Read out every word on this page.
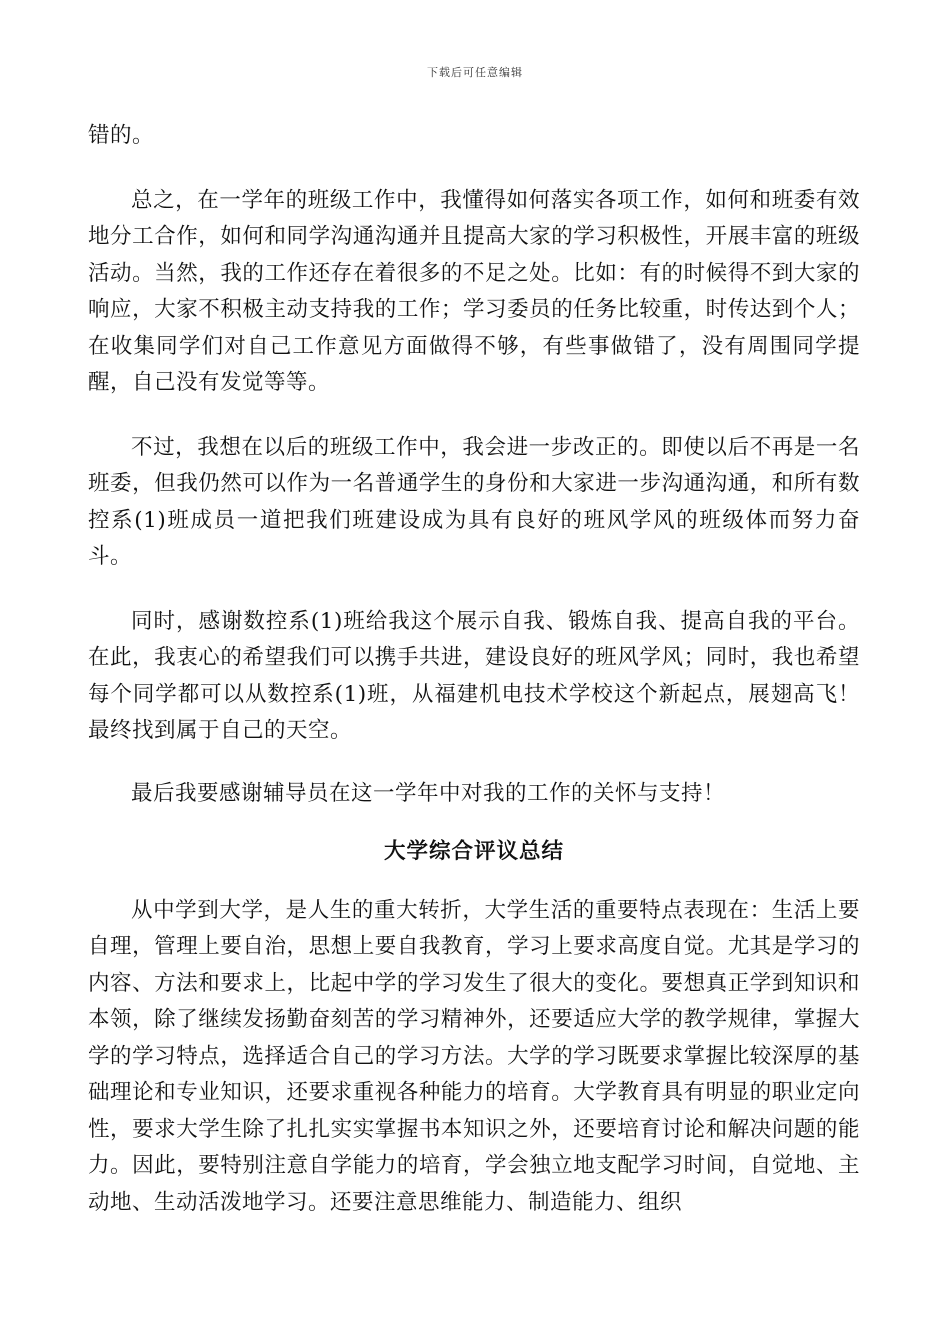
下载后可任意编辑

错的。

总之，在一学年的班级工作中，我懂得如何落实各项工作，如何和班委有效地分工合作，如何和同学沟通沟通并且提高大家的学习积极性，开展丰富的班级活动。当然，我的工作还存在着很多的不足之处。比如：有的时候得不到大家的响应，大家不积极主动支持我的工作；学习委员的任务比较重，时传达到个人；在收集同学们对自己工作意见方面做得不够，有些事做错了，没有周围同学提醒，自己没有发觉等等。

不过，我想在以后的班级工作中，我会进一步改正的。即使以后不再是一名班委，但我仍然可以作为一名普通学生的身份和大家进一步沟通沟通，和所有数控系(1)班成员一道把我们班建设成为具有良好的班风学风的班级体而努力奋斗。

同时，感谢数控系(1)班给我这个展示自我、锻炼自我、提高自我的平台。在此，我衷心的希望我们可以携手共进，建设良好的班风学风；同时，我也希望每个同学都可以从数控系(1)班，从福建机电技术学校这个新起点，展翅高飞！最终找到属于自己的天空。

最后我要感谢辅导员在这一学年中对我的工作的关怀与支持！

大学综合评议总结

从中学到大学，是人生的重大转折，大学生活的重要特点表现在：生活上要自理，管理上要自治，思想上要自我教育，学习上要求高度自觉。尤其是学习的内容、方法和要求上，比起中学的学习发生了很大的变化。要想真正学到知识和本领，除了继续发扬勤奋刻苦的学习精神外，还要适应大学的教学规律，掌握大学的学习特点，选择适合自己的学习方法。大学的学习既要求掌握比较深厚的基础理论和专业知识，还要求重视各种能力的培育。大学教育具有明显的职业定向性，要求大学生除了扎扎实实掌握书本知识之外，还要培育讨论和解决问题的能力。因此，要特别注意自学能力的培育，学会独立地支配学习时间，自觉地、主动地、生动活泼地学习。还要注意思维能力、制造能力、组织
